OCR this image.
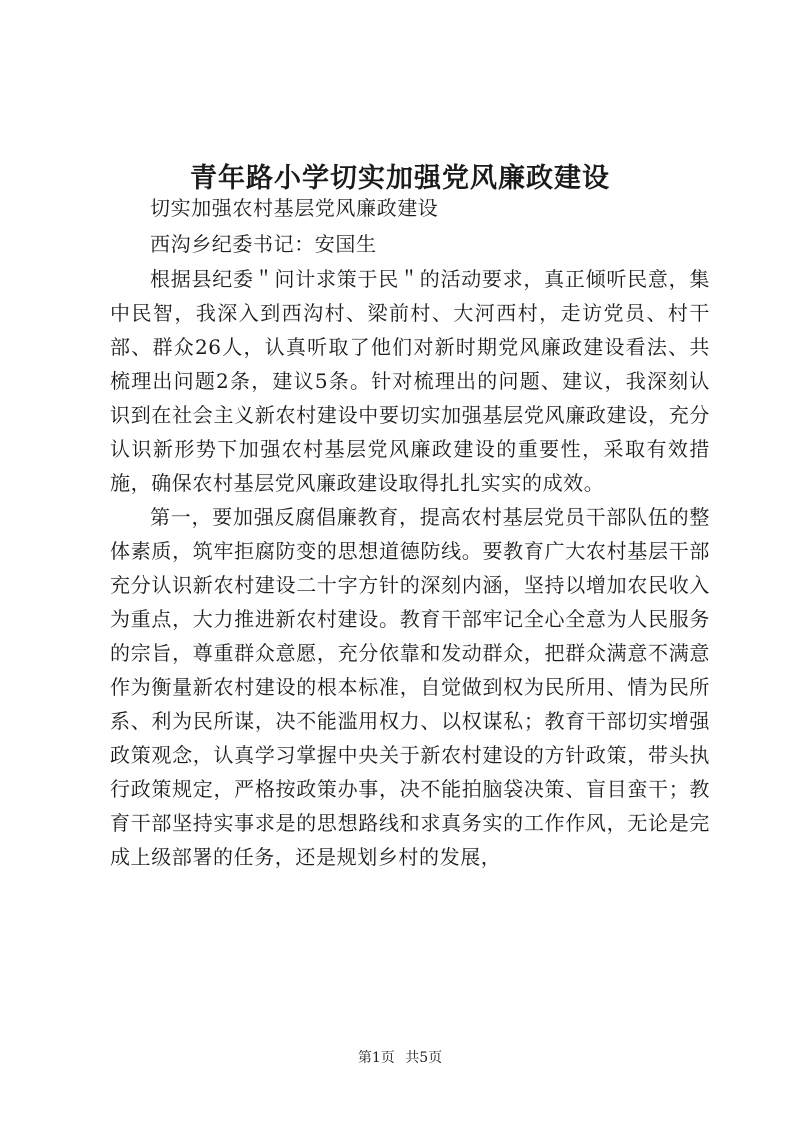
青年路小学切实加强党风廉政建设

切实加强农村基层党风廉政建设

西沟乡纪委书记：安国生

根据县纪委＂问计求策于民＂的活动要求，真正倾听民意，集中民智，我深入到西沟村、梁前村、大河西村，走访党员、村干部、群众26人，认真听取了他们对新时期党风廉政建设看法、共梳理出问题2条，建议5条。针对梳理出的问题、建议，我深刻认识到在社会主义新农村建设中要切实加强基层党风廉政建设，充分认识新形势下加强农村基层党风廉政建设的重要性，采取有效措施，确保农村基层党风廉政建设取得扎扎实实的成效。

第一，要加强反腐倡廉教育，提高农村基层党员干部队伍的整体素质，筑牢拒腐防变的思想道德防线。要教育广大农村基层干部充分认识新农村建设二十字方针的深刻内涵，坚持以增加农民收入为重点，大力推进新农村建设。教育干部牢记全心全意为人民服务的宗旨，尊重群众意愿，充分依靠和发动群众，把群众满意不满意作为衡量新农村建设的根本标准，自觉做到权为民所用、情为民所系、利为民所谋，决不能滥用权力、以权谋私；教育干部切实增强政策观念，认真学习掌握中央关于新农村建设的方针政策，带头执行政策规定，严格按政策办事，决不能拍脑袋决策、盲目蛮干；教育干部坚持实事求是的思想路线和求真务实的工作作风，无论是完成上级部署的任务，还是规划乡村的发展，

第1页 共5页
